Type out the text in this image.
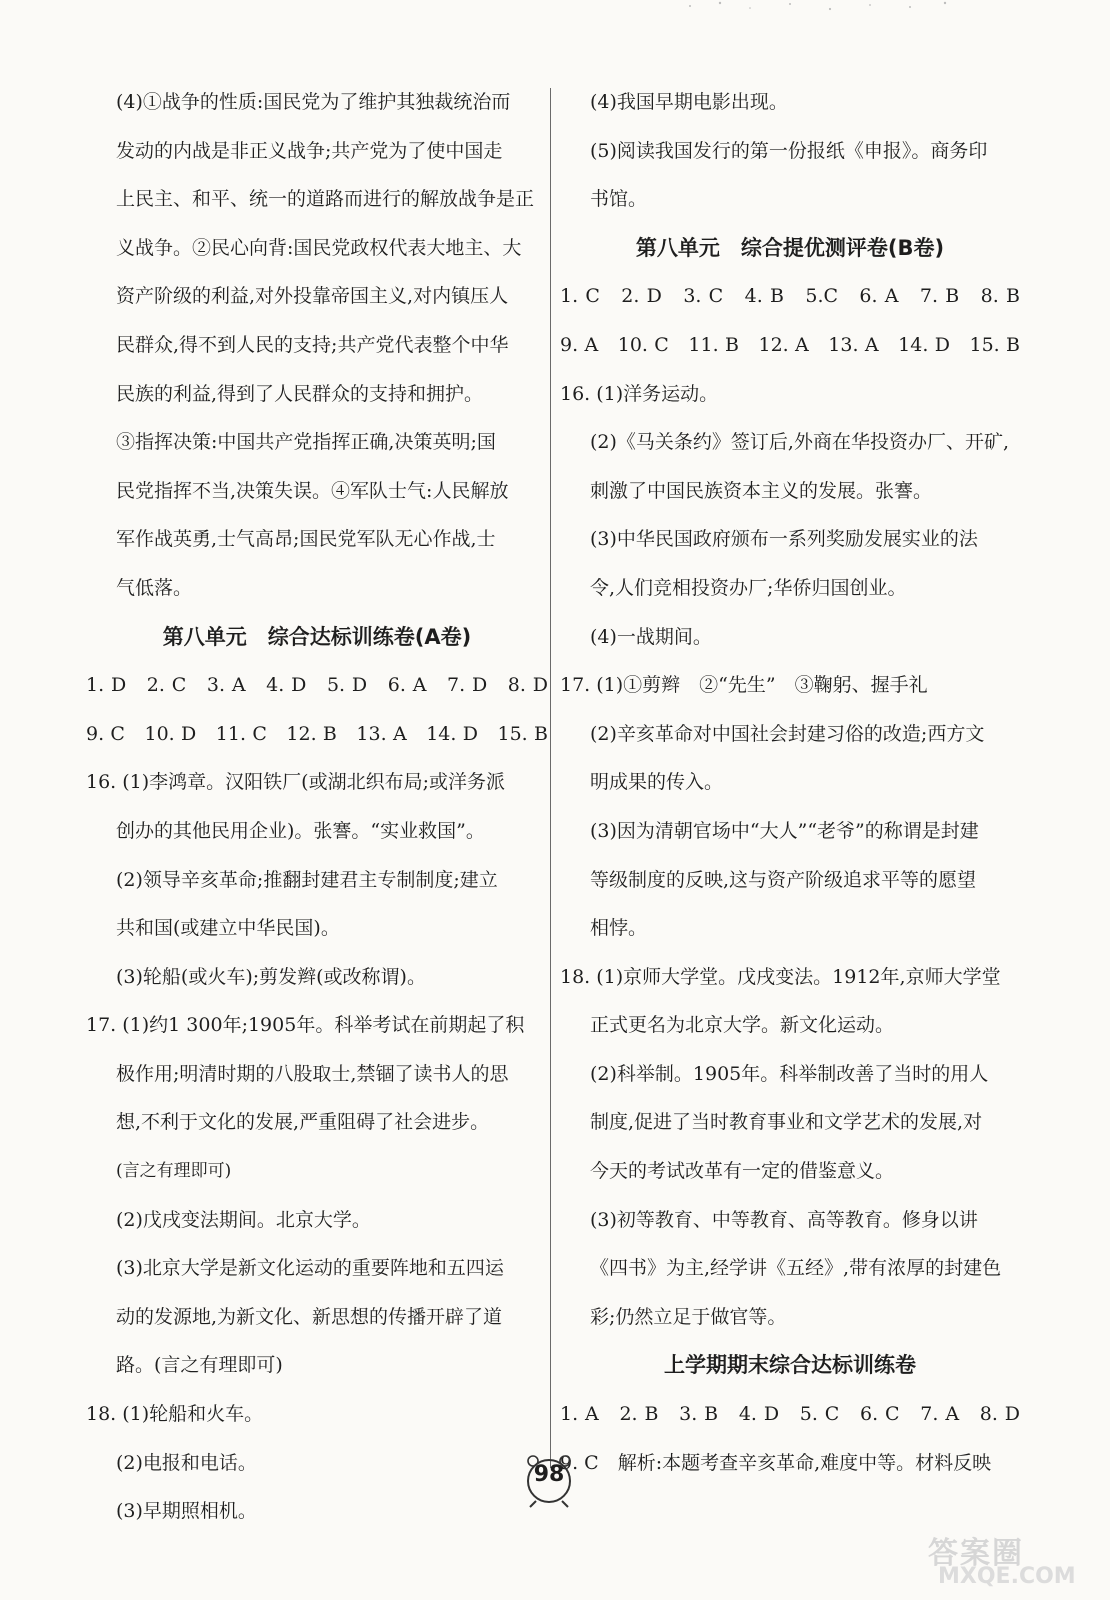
(4)①战争的性质:国民党为了维护其独裁统治而
发动的内战是非正义战争;共产党为了使中国走
上民主、和平、统一的道路而进行的解放战争是正
义战争。②民心向背:国民党政权代表大地主、大
资产阶级的利益,对外投靠帝国主义,对内镇压人
民群众,得不到人民的支持;共产党代表整个中华
民族的利益,得到了人民群众的支持和拥护。
③指挥决策:中国共产党指挥正确,决策英明;国
民党指挥不当,决策失误。④军队士气:人民解放
军作战英勇,士气高昂;国民党军队无心作战,士
气低落。
第八单元　综合达标训练卷(A卷)
1. D　2. C　3. A　4. D　5. D　6. A　7. D　8. D
9. C　10. D　11. C　12. B　13. A　14. D　15. B
16. (1)李鸿章。汉阳铁厂(或湖北织布局;或洋务派
创办的其他民用企业)。张謇。“实业救国”。
(2)领导辛亥革命;推翻封建君主专制制度;建立
共和国(或建立中华民国)。
(3)轮船(或火车);剪发辫(或改称谓)。
17. (1)约1 300年;1905年。科举考试在前期起了积
极作用;明清时期的八股取士,禁锢了读书人的思
想,不利于文化的发展,严重阻碍了社会进步。
(言之有理即可)
(2)戊戌变法期间。北京大学。
(3)北京大学是新文化运动的重要阵地和五四运
动的发源地,为新文化、新思想的传播开辟了道
路。(言之有理即可)
18. (1)轮船和火车。
(2)电报和电话。
(3)早期照相机。
(4)我国早期电影出现。
(5)阅读我国发行的第一份报纸《申报》。商务印
书馆。
第八单元　综合提优测评卷(B卷)
1. C　2. D　3. C　4. B　5.C　6. A　7. B　8. B
9. A　10. C　11. B　12. A　13. A　14. D　15. B
16. (1)洋务运动。
(2)《马关条约》签订后,外商在华投资办厂、开矿,
刺激了中国民族资本主义的发展。张謇。
(3)中华民国政府颁布一系列奖励发展实业的法
令,人们竞相投资办厂;华侨归国创业。
(4)一战期间。
17. (1)①剪辫　②“先生”　③鞠躬、握手礼
(2)辛亥革命对中国社会封建习俗的改造;西方文
明成果的传入。
(3)因为清朝官场中“大人”“老爷”的称谓是封建
等级制度的反映,这与资产阶级追求平等的愿望
相悖。
18. (1)京师大学堂。戊戌变法。1912年,京师大学堂
正式更名为北京大学。新文化运动。
(2)科举制。1905年。科举制改善了当时的用人
制度,促进了当时教育事业和文学艺术的发展,对
今天的考试改革有一定的借鉴意义。
(3)初等教育、中等教育、高等教育。修身以讲
《四书》为主,经学讲《五经》,带有浓厚的封建色
彩;仍然立足于做官等。
上学期期末综合达标训练卷
1. A　2. B　3. B　4. D　5. C　6. C　7. A　8. D
9. C　解析:本题考查辛亥革命,难度中等。材料反映
98
答案圈
MXQE.COM
